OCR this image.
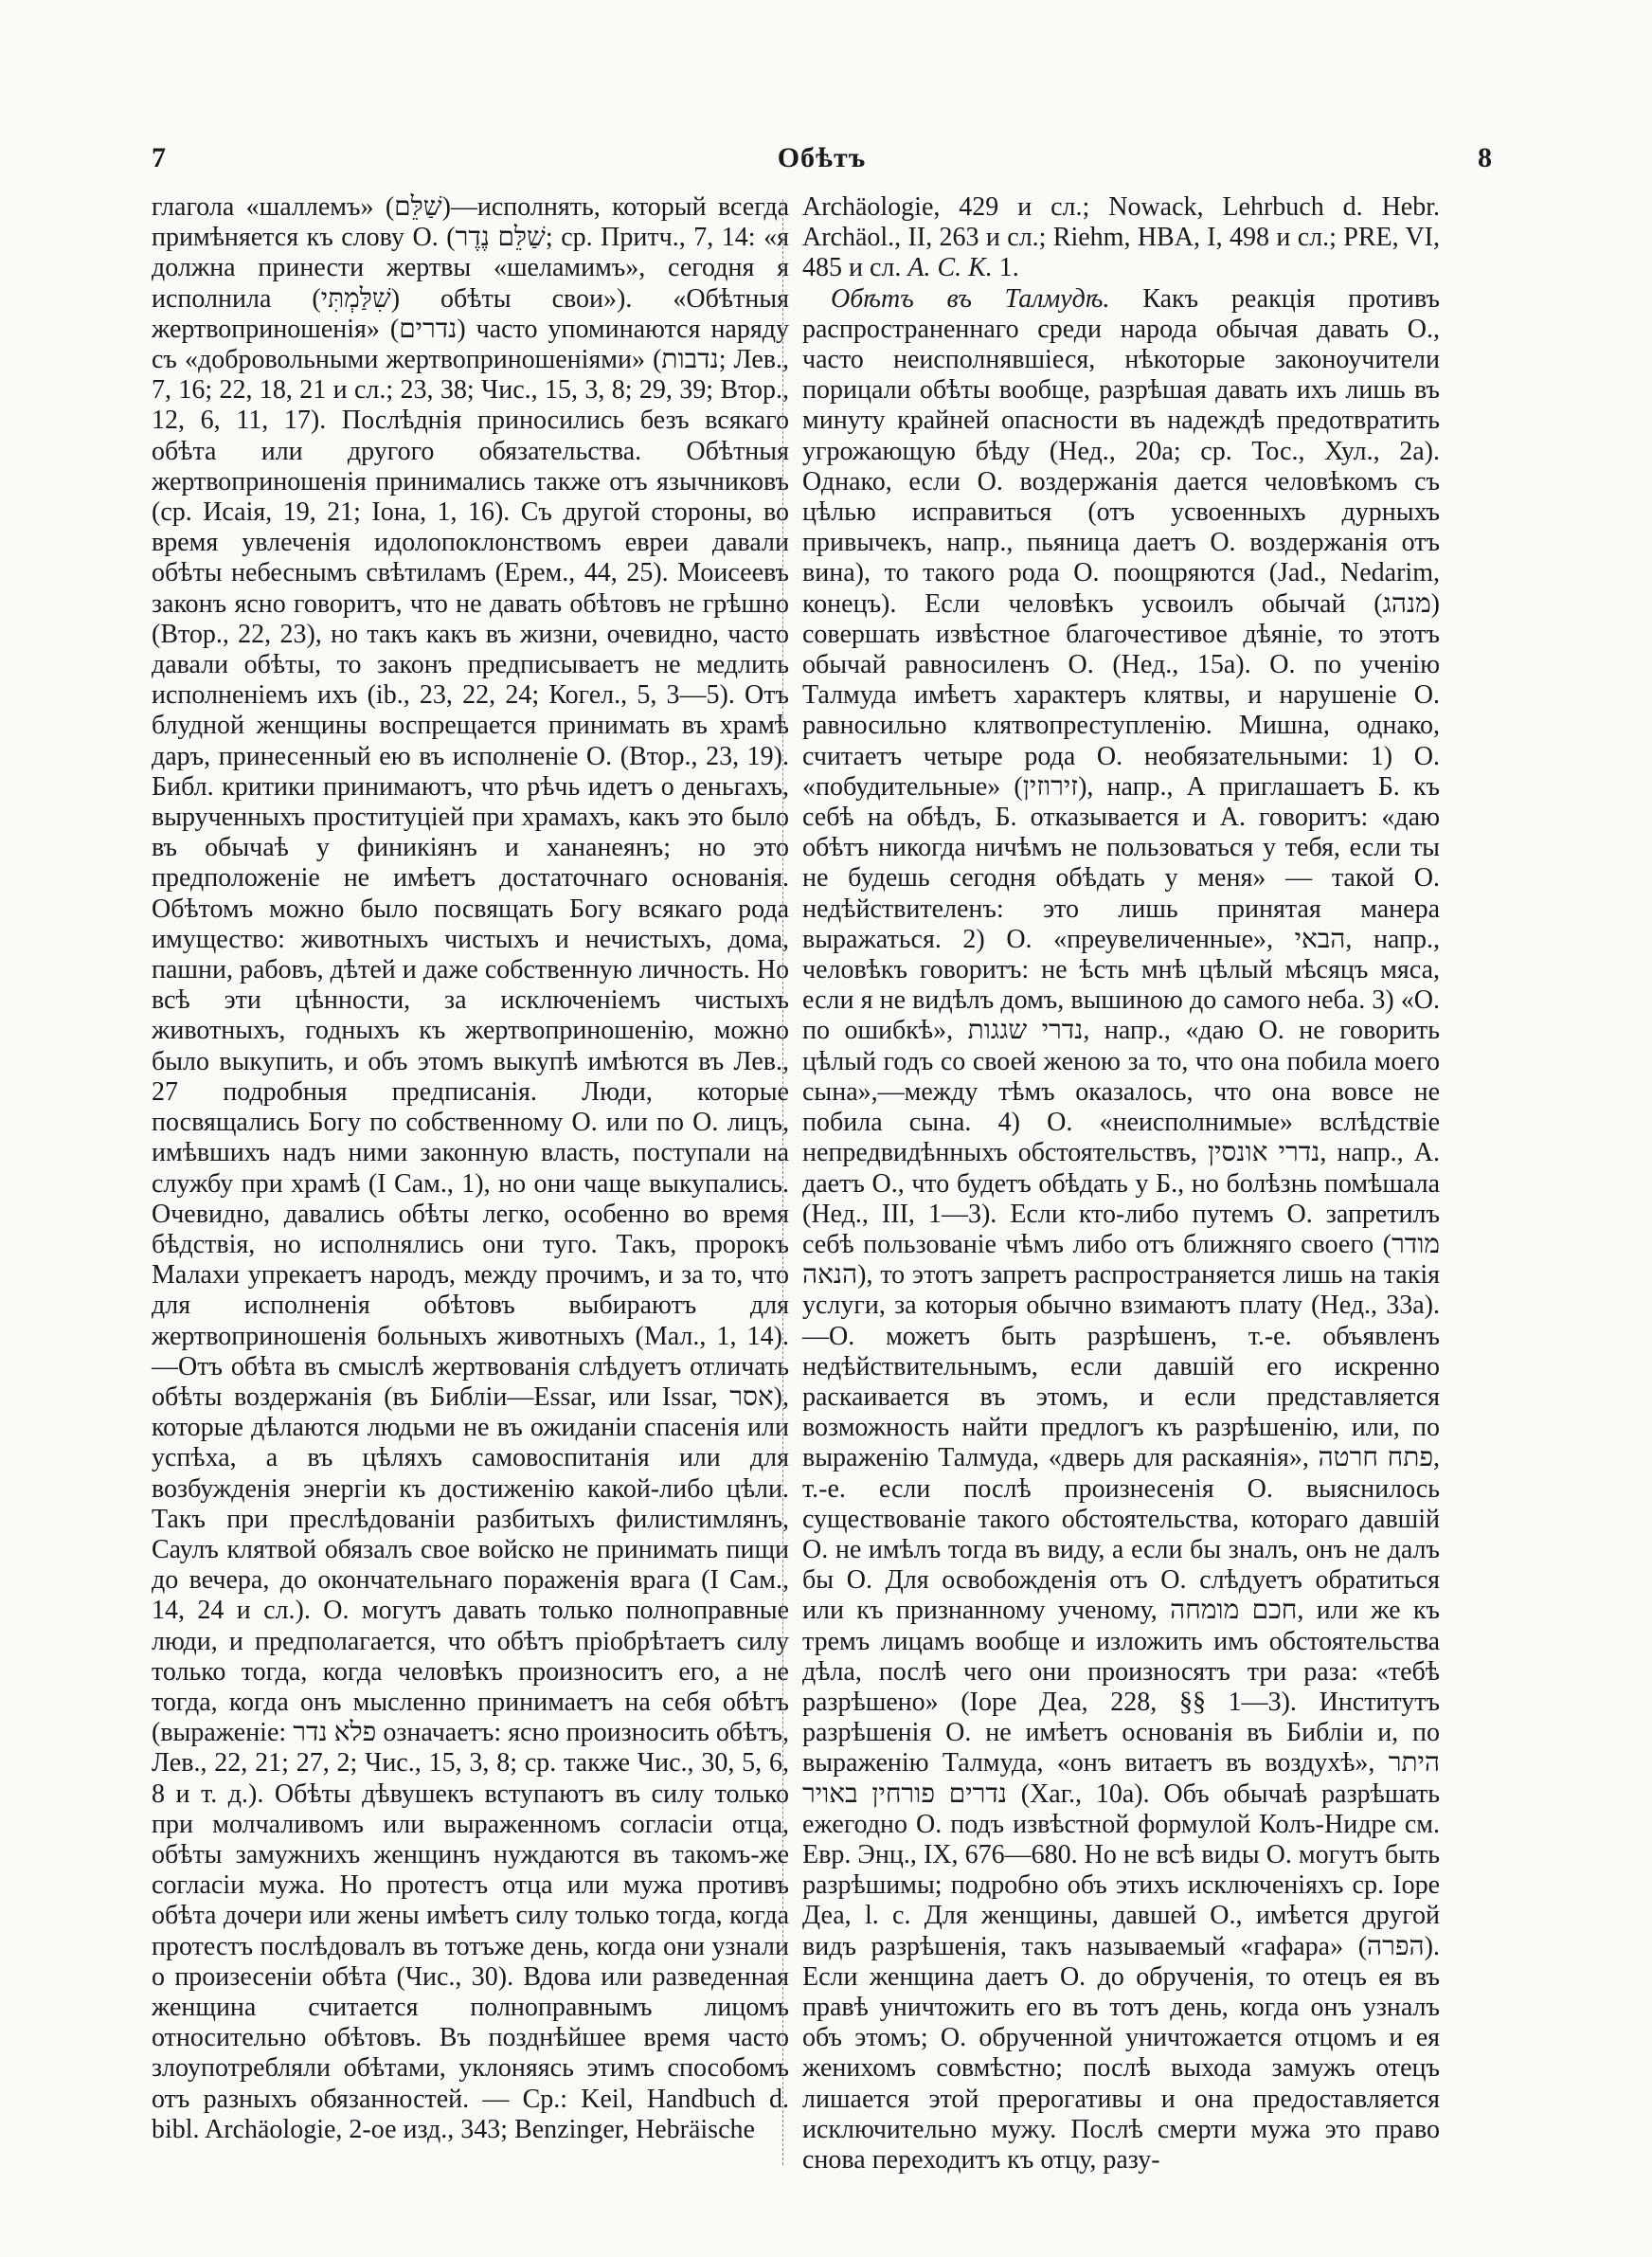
7	Обѣтъ	8

глагола «шаллемъ» (שַׁלֵּם)—исполнять, который всегда примѣняется къ слову О. (שַׁלֵּם נֶדֶר; ср. Притч., 7, 14: «я должна принести жертвы «шеламимъ», сегодня я исполнила (שִׁלַּמְתִּי) обѣты свои»). «Обѣтныя жертвоприношенія» (נדרים) часто упоминаются наряду съ «добровольными жертвоприношеніями» (נדבות; Лев., 7, 16; 22, 18, 21 и сл.; 23, 38; Чис., 15, 3, 8; 29, 39; Втор., 12, 6, 11, 17). Послѣднія приносились безъ всякаго обѣта или другого обязательства. Обѣтныя жертвоприношенія принимались также отъ язычниковъ (ср. Исаія, 19, 21; Іона, 1, 16). Съ другой стороны, во время увлеченія идолопоклонствомъ евреи давали обѣты небеснымъ свѣтиламъ (Ерем., 44, 25). Моисеевъ законъ ясно говоритъ, что не давать обѣтовъ не грѣшно (Втор., 22, 23), но такъ какъ въ жизни, очевидно, часто давали обѣты, то законъ предписываетъ не медлить исполненіемъ ихъ (ib., 23, 22, 24; Когел., 5, 3—5). Отъ блудной женщины воспрещается принимать въ храмѣ даръ, принесенный ею въ исполненіе О. (Втор., 23, 19). Библ. критики принимаютъ, что рѣчь идетъ о деньгахъ, вырученныхъ проституціей при храмахъ, какъ это было въ обычаѣ у финикіянъ и хананеянъ; но это предположеніе не имѣетъ достаточнаго основанія. Обѣтомъ можно было посвящать Богу всякаго рода имущество: животныхъ чистыхъ и нечистыхъ, дома, пашни, рабовъ, дѣтей и даже собственную личность. Но всѣ эти цѣнности, за исключеніемъ чистыхъ животныхъ, годныхъ къ жертвоприношенію, можно было выкупить, и объ этомъ выкупѣ имѣются въ Лев., 27 подробныя предписанія. Люди, которые посвящались Богу по собственному О. или по О. лицъ, имѣвшихъ надъ ними законную власть, поступали на службу при храмѣ (I Сам., 1), но они чаще выкупались. Очевидно, давались обѣты легко, особенно во время бѣдствія, но исполнялись они туго. Такъ, пророкъ Малахи упрекаетъ народъ, между прочимъ, и за то, что для исполненія обѣтовъ выбираютъ для жертвоприношенія больныхъ животныхъ (Мал., 1, 14).—Отъ обѣта въ смыслѣ жертвованія слѣдуетъ отличать обѣты воздержанія (въ Библіи—Essar, или Issar, אסר), которые дѣлаются людьми не въ ожиданіи спасенія или успѣха, а въ цѣляхъ самовоспитанія или для возбужденія энергіи къ достиженію какой-либо цѣли. Такъ при преслѣдованіи разбитыхъ филистимлянъ, Саулъ клятвой обязалъ свое войско не принимать пищи до вечера, до окончательнаго пораженія врага (I Сам., 14, 24 и сл.). О. могутъ давать только полноправные люди, и предполагается, что обѣтъ пріобрѣтаетъ силу только тогда, когда человѣкъ произноситъ его, а не тогда, когда онъ мысленно принимаетъ на себя обѣтъ (выраженіе: פלא נדר означаетъ: ясно произносить обѣтъ, Лев., 22, 21; 27, 2; Чис., 15, 3, 8; ср. также Чис., 30, 5, 6, 8 и т. д.). Обѣты дѣвушекъ вступаютъ въ силу только при молчаливомъ или выраженномъ согласіи отца, обѣты замужнихъ женщинъ нуждаются въ такомъ-же согласіи мужа. Но протестъ отца или мужа противъ обѣта дочери или жены имѣетъ силу только тогда, когда протестъ послѣдовалъ въ тотъже день, когда они узнали о произесеніи обѣта (Чис., 30). Вдова или разведенная женщина считается полноправнымъ лицомъ относительно обѣтовъ. Въ позднѣйшее время часто злоупотребляли обѣтами, уклоняясь этимъ способомъ отъ разныхъ обязанностей. — Ср.: Keil, Handbuch d. bibl. Archäologie, 2-ое изд., 343; Benzinger, Hebräische

Archäologie, 429 и сл.; Nowack, Lehrbuch d. Hebr. Archäol., II, 263 и сл.; Riehm, HBA, I, 498 и сл.; PRE, VI, 485 и сл. А. С. К. 1.

Обѣтъ въ Талмудѣ. Какъ реакція противъ распространеннаго среди народа обычая давать О., часто неисполнявшіеся, нѣкоторые законоучители порицали обѣты вообще, разрѣшая давать ихъ лишь въ минуту крайней опасности въ надеждѣ предотвратить угрожающую бѣду (Нед., 20а; ср. Тос., Хул., 2а). Однако, если О. воздержанія дается человѣкомъ съ цѣлью исправиться (отъ усвоенныхъ дурныхъ привычекъ, напр., пьяница даетъ О. воздержанія отъ вина), то такого рода О. поощряются (Jad., Nedarim, конецъ). Если человѣкъ усвоилъ обычай (מנהג) совершать извѣстное благочестивое дѣяніе, то этотъ обычай равносиленъ О. (Нед., 15а). О. по ученію Талмуда имѣетъ характеръ клятвы, и нарушеніе О. равносильно клятвопреступленію. Мишна, однако, считаетъ четыре рода О. необязательными: 1) О. «побудительные» (זירוזין), напр., А приглашаетъ Б. къ себѣ на обѣдъ, Б. отказывается и А. говоритъ: «даю обѣтъ никогда ничѣмъ не пользоваться у тебя, если ты не будешь сегодня обѣдать у меня» — такой О. недѣйствителенъ: это лишь принятая манера выражаться. 2) О. «преувеличенные», הבאי, напр., человѣкъ говоритъ: не ѣсть мнѣ цѣлый мѣсяцъ мяса, если я не видѣлъ домъ, вышиною до самого неба. 3) «О. по ошибкѣ», נדרי שגגות, напр., «даю О. не говорить цѣлый годъ со своей женою за то, что она побила моего сына»,—между тѣмъ оказалось, что она вовсе не побила сына. 4) О. «неисполнимые» вслѣдствіе непредвидѣнныхъ обстоятельствъ, נדרי אונסין, напр., А. даетъ О., что будетъ обѣдать у Б., но болѣзнь помѣшала (Нед., III, 1—3). Если кто-либо путемъ О. запретилъ себѣ пользованіе чѣмъ либо отъ ближняго своего (מודר הנאה), то этотъ запретъ распространяется лишь на такія услуги, за которыя обычно взимаютъ плату (Нед., 33а).—О. можетъ быть разрѣшенъ, т.-е. объявленъ недѣйствительнымъ, если давшій его искренно раскаивается въ этомъ, и если представляется возможность найти предлогъ къ разрѣшенію, или, по выраженію Талмуда, «дверь для раскаянія», פתח חרטה, т.-е. если послѣ произнесенія О. выяснилось существованіе такого обстоятельства, котораго давшій О. не имѣлъ тогда въ виду, а если бы зналъ, онъ не далъ бы О. Для освобожденія отъ О. слѣдуетъ обратиться или къ признанному ученому, חכם מומחה, или же къ тремъ лицамъ вообще и изложить имъ обстоятельства дѣла, послѣ чего они произносятъ три раза: «тебѣ разрѣшено» (Іоре Деа, 228, §§ 1—3). Институтъ разрѣшенія О. не имѣетъ основанія въ Библіи и, по выраженію Талмуда, «онъ витаетъ въ воздухѣ», היתר נדרים פורחין באויר (Хаг., 10а). Объ обычаѣ разрѣшать ежегодно О. подъ извѣстной формулой Колъ-Нидре см. Евр. Энц., IX, 676—680. Но не всѣ виды О. могутъ быть разрѣшимы; подробно объ этихъ исключеніяхъ ср. Іоре Деа, l. c. Для женщины, давшей О., имѣется другой видъ разрѣшенія, такъ называемый «гафара» (הפרה). Если женщина даетъ О. до обрученія, то отецъ ея въ правѣ уничтожить его въ тотъ день, когда онъ узналъ объ этомъ; О. обрученной уничтожается отцомъ и ея женихомъ совмѣстно; послѣ выхода замужъ отецъ лишается этой прерогативы и она предоставляется исключительно мужу. Послѣ смерти мужа это право снова переходитъ къ отцу, разу-
